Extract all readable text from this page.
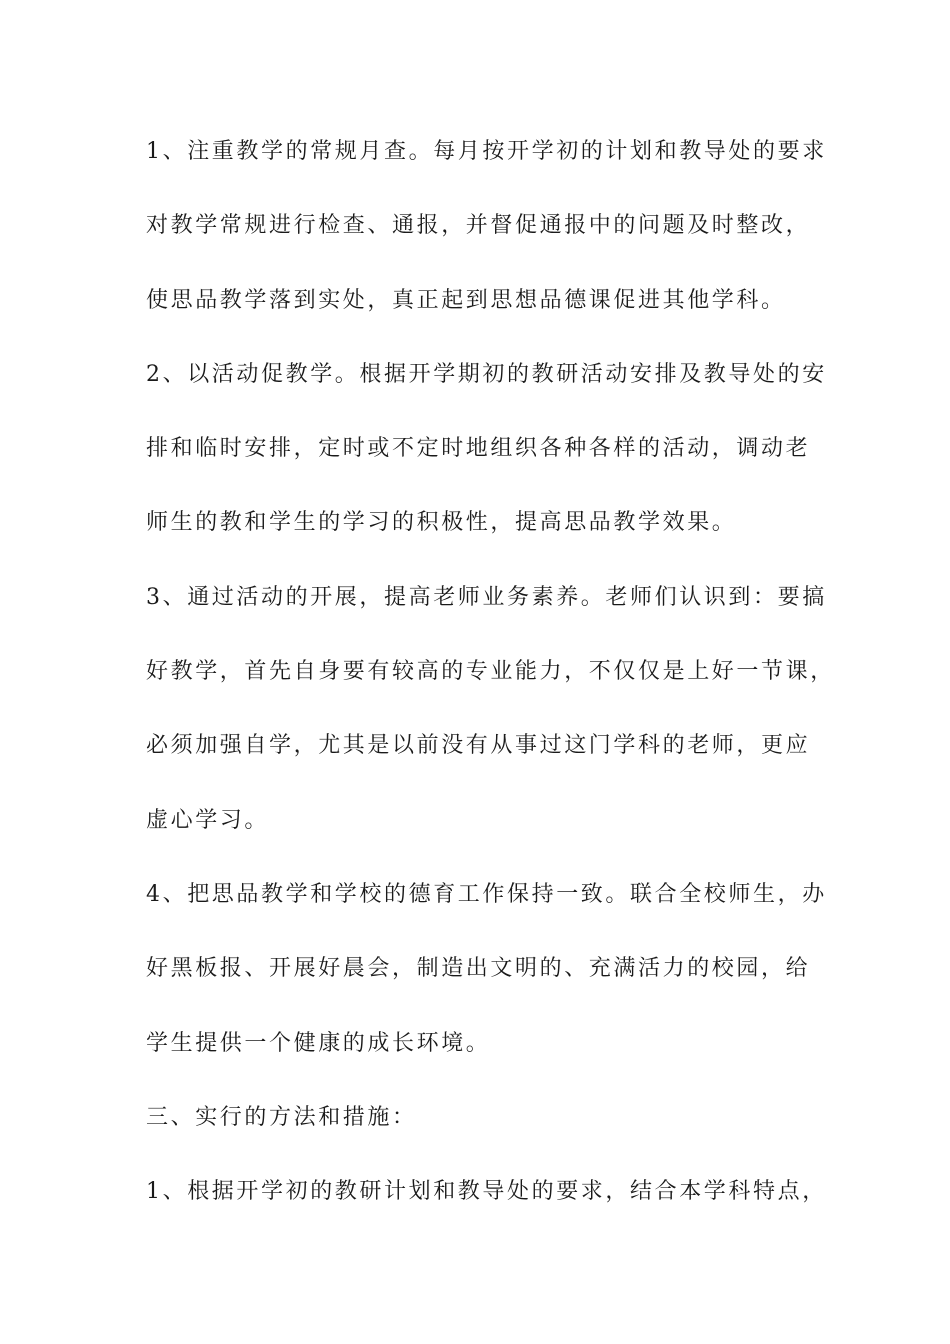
1、注重教学的常规月查。每月按开学初的计划和教导处的要求
对教学常规进行检查、通报，并督促通报中的问题及时整改，
使思品教学落到实处，真正起到思想品德课促进其他学科。
2、以活动促教学。根据开学期初的教研活动安排及教导处的安
排和临时安排，定时或不定时地组织各种各样的活动，调动老
师生的教和学生的学习的积极性，提高思品教学效果。
3、通过活动的开展，提高老师业务素养。老师们认识到：要搞
好教学，首先自身要有较高的专业能力，不仅仅是上好一节课，
必须加强自学，尤其是以前没有从事过这门学科的老师，更应
虚心学习。
4、把思品教学和学校的德育工作保持一致。联合全校师生，办
好黑板报、开展好晨会，制造出文明的、充满活力的校园，给
学生提供一个健康的成长环境。
三、实行的方法和措施：
1、根据开学初的教研计划和教导处的要求，结合本学科特点，
